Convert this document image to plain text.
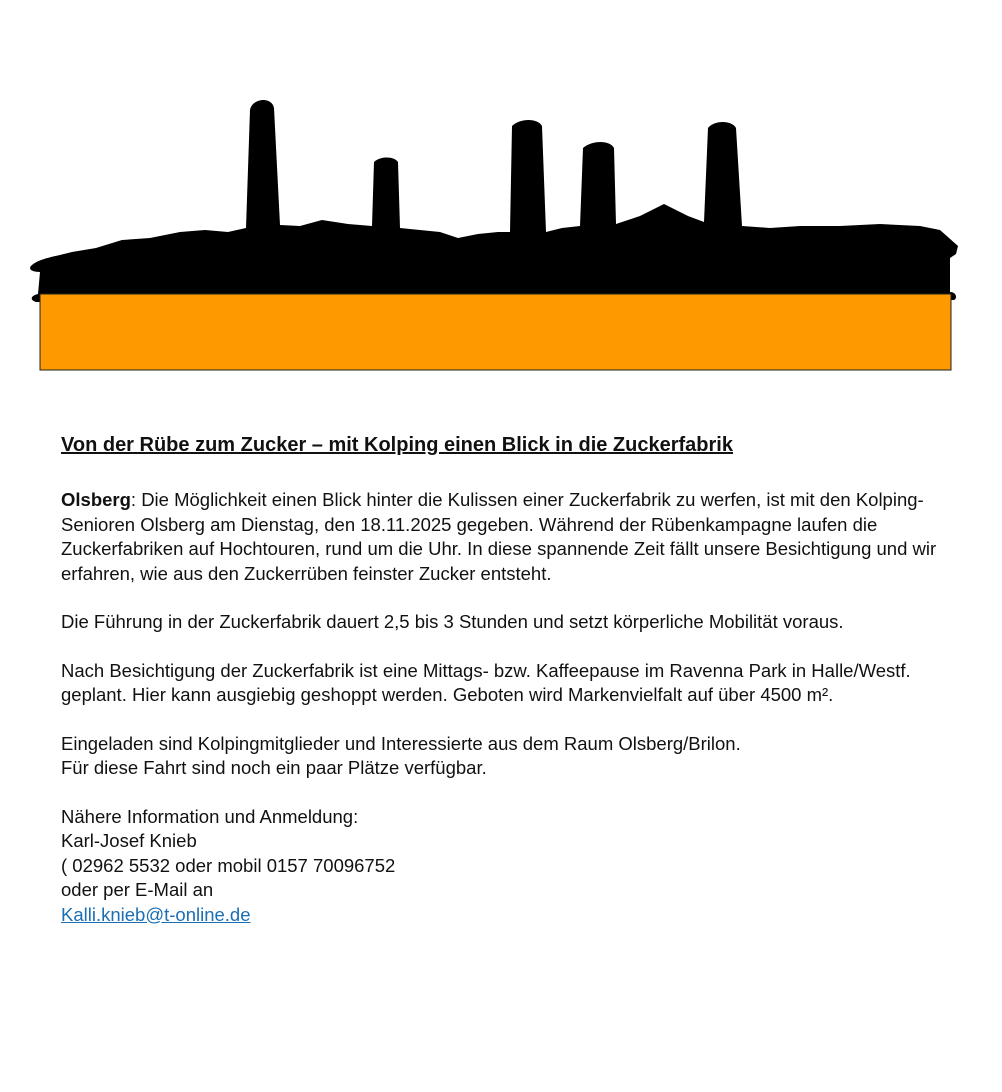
Von der Rübe zum Zucker – mit Kolping einen Blick in die Zuckerfabrik

Olsberg: Die Möglichkeit einen Blick hinter die Kulissen einer Zuckerfabrik zu werfen, ist mit den Kolping-Senioren Olsberg am Dienstag, den 18.11.2025 gegeben. Während der Rübenkampagne laufen die Zuckerfabriken auf Hochtouren, rund um die Uhr. In diese spannende Zeit fällt unsere Besichtigung und wir erfahren, wie aus den Zuckerrüben feinster Zucker entsteht.

Die Führung in der Zuckerfabrik dauert 2,5 bis 3 Stunden und setzt körperliche Mobilität voraus.

Nach Besichtigung der Zuckerfabrik ist eine Mittags- bzw. Kaffeepause im Ravenna Park in Halle/Westf. geplant. Hier kann ausgiebig geshoppt werden. Geboten wird Markenvielfalt auf über 4500 m².

Eingeladen sind Kolpingmitglieder und Interessierte aus dem Raum Olsberg/Brilon.
Für diese Fahrt sind noch ein paar Plätze verfügbar.

Nähere Information und Anmeldung:
Karl-Josef Knieb
( 02962 5532 oder mobil 0157 70096752
oder per E-Mail an
Kalli.knieb@t-online.de
